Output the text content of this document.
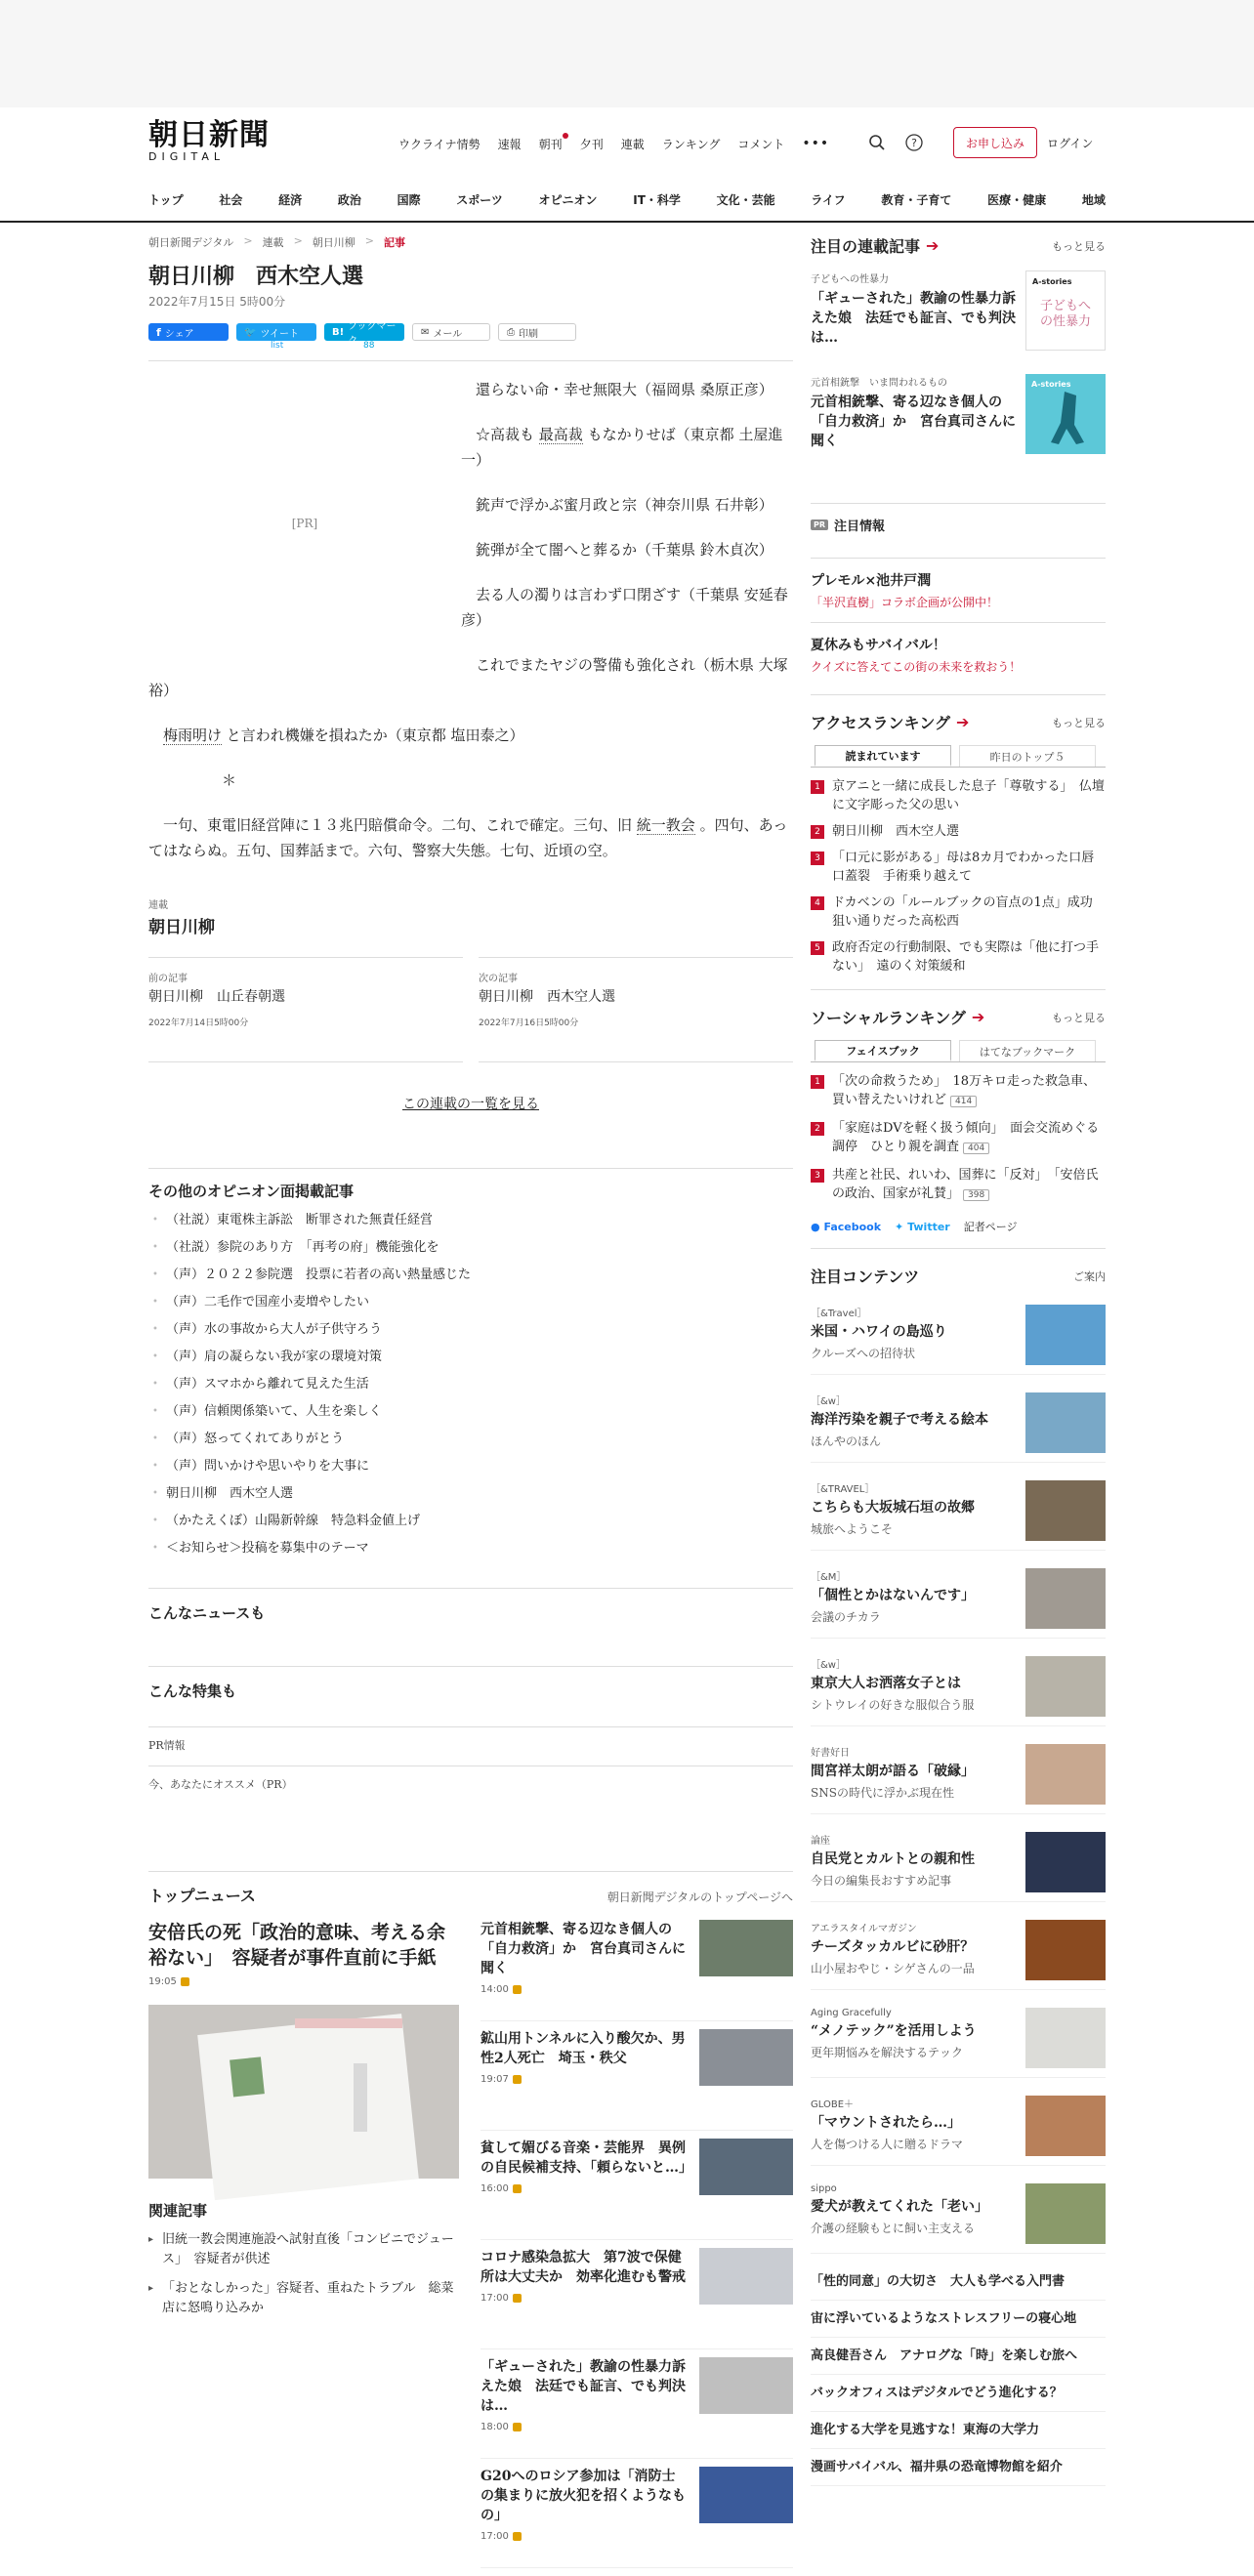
朝日新聞
DIGITAL
ウクライナ情勢 速報 朝刊 夕刊 連載 ランキング コメント •••	?	お申し込み	ログイン
トップ	社会	経済	政治	国際	スポーツ	オピニオン	IT・科学	文化・芸能	ライフ	教育・子育て	医療・健康	地域
朝日新聞デジタル > 連載 > 朝日川柳 > 記事
朝日川柳　西木空人選
2022年7月15日 5時00分
f シェア	🐦 ツイート	B! ブックマーク
✉ メール	⎙ 印刷
list	88
[PR]

還らない命・幸せ無限大（福岡県 桑原正彦）

☆高裁も 最高裁 もなかりせば（東京都 土屋進一）

銃声で浮かぶ蜜月政と宗（神奈川県 石井彰）

銃弾が全て闇へと葬るか（千葉県 鈴木貞次）

去る人の濁りは言わず口閉ざす（千葉県 安延春彦）

これでまたヤジの警備も強化され（栃木県 大塚裕）

梅雨明け と言われ機嫌を損ねたか（東京都 塩田泰之）

＊

一句、東電旧経営陣に１３兆円賠償命令。二句、これで確定。三句、旧 統一教会 。四句、あってはならぬ。五句、国葬話まで。六句、警察大失態。七句、近頃の空。

連載
朝日川柳
前の記事
朝日川柳　山丘春朝選
2022年7月14日5時00分
次の記事
朝日川柳　西木空人選
2022年7月16日5時00分
この連載の一覧を見る
その他のオピニオン面掲載記事
• （社説）東電株主訴訟　断罪された無責任経営
• （社説）参院のあり方　「再考の府」機能強化を
• （声）２０２２参院選　投票に若者の高い熱量感じた
• （声）二毛作で国産小麦増やしたい
• （声）水の事故から大人が子供守ろう
• （声）肩の凝らない我が家の環境対策
• （声）スマホから離れて見えた生活
• （声）信頼関係築いて、人生を楽しく
• （声）怒ってくれてありがとう
• （声）問いかけや思いやりを大事に
• 朝日川柳　西木空人選
• （かたえくぼ）山陽新幹線　特急料金値上げ
• ＜お知らせ＞投稿を募集中のテーマ
こんなニュースも
こんな特集も
PR情報
今、あなたにオススメ（PR）
トップニュース	朝日新聞デジタルのトップページへ
安倍氏の死「政治的意味、考える余裕ない」　容疑者が事件直前に手紙
19:05
関連記事
▸ 旧統一教会関連施設へ試射直後「コンビニでジュース」　容疑者が供述
▸ 「おとなしかった」容疑者、重ねたトラブル　総菜店に怒鳴り込みか
元首相銃撃、寄る辺なき個人の「自力救済」か　宮台真司さんに聞く
14:00
鉱山用トンネルに入り酸欠か、男性2人死亡　埼玉・秩父
19:07
貧して媚びる音楽・芸能界　異例の自民候補支持、「頼らないと…」
16:00
コロナ感染急拡大　第7波で保健所は大丈夫か　効率化進むも警戒
17:00
「ギューされた」教諭の性暴力訴えた娘　法廷でも証言、でも判決は…
18:00
G20へのロシア参加は「消防士の集まりに放火犯を招くようなもの」
17:00
注目の連載記事 ➔	もっと見る
子どもへの性暴力
「ギューされた」教諭の性暴力訴えた娘　法廷でも証言、でも判決は…
A-stories
子どもへの性暴力
元首相銃撃　いま問われるもの
元首相銃撃、寄る辺なき個人の「自力救済」か　宮台真司さんに聞く
A-stories
PR 注目情報
プレモル×池井戸潤
「半沢直樹」コラボ企画が公開中！
夏休みもサバイバル！
クイズに答えてこの街の未来を救おう！
アクセスランキング ➔	もっと見る
読まれています	昨日のトップ５
1 京アニと一緒に成長した息子「尊敬する」　仏壇に文字彫った父の思い
2 朝日川柳　西木空人選
3 「口元に影がある」母は8カ月でわかった口唇口蓋裂　手術乗り越えて
4 ドカベンの「ルールブックの盲点の1点」成功　狙い通りだった高松西
5 政府否定の行動制限、でも実際は「他に打つ手ない」　遠のく対策緩和
ソーシャルランキング ➔	もっと見る
フェイスブック	はてなブックマーク
1 「次の命救うため」　18万キロ走った救急車、買い替えたいけれど 414
2 「家庭はDVを軽く扱う傾向」　面会交流めぐる調停　ひとり親を調査 404
3 共産と社民、れいわ、国葬に「反対」　「安倍氏の政治、国家が礼賛」 398
● Facebook ✦ Twitter 記者ページ
注目コンテンツ	ご案内
［&Travel］
米国・ハワイの島巡り
クルーズへの招待状
［&w］
海洋汚染を親子で考える絵本
ほんやのほん
［&TRAVEL］
こちらも大坂城石垣の故郷
城旅へようこそ
［&M］
「個性とかはないんです」
会議のチカラ
［&w］
東京大人お洒落女子とは
シトウレイの好きな服似合う服
好書好日
間宮祥太朗が語る「破縁」
SNSの時代に浮かぶ現在性
論座
自民党とカルトとの親和性
今日の編集長おすすめ記事
アエラスタイルマガジン
チーズタッカルビに砂肝？
山小屋おやじ・シゲさんの一品
Aging Gracefully
“メノテック”を活用しよう
更年期悩みを解決するテック
GLOBE＋
「マウントされたら…」
人を傷つける人に贈るドラマ
sippo
愛犬が教えてくれた「老い」
介護の経験もとに飼い主支える
「性的同意」の大切さ　大人も学べる入門書
宙に浮いているようなストレスフリーの寝心地
高良健吾さん　アナログな「時」を楽しむ旅へ
バックオフィスはデジタルでどう進化する？
進化する大学を見逃すな！東海の大学力
漫画サバイバル、福井県の恐竜博物館を紹介
